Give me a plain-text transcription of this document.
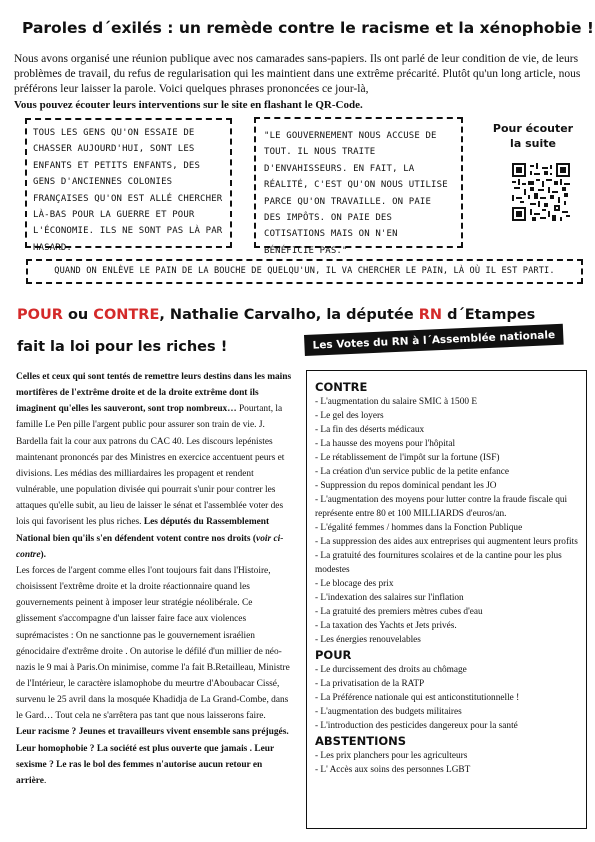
Paroles d´exilés : un remède contre le racisme et la xénophobie !
Nous avons organisé une réunion publique avec nos camarades sans-papiers. Ils ont parlé de leur condition de vie, de leurs problèmes de travail, du refus de regularisation qui les maintient dans une extrême précarité. Plutôt qu'un long article, nous préférons leur laisser la parole. Voici quelques phrases prononcées ce jour-là,
Vous pouvez écouter leurs interventions sur le site en flashant le QR-Code.
TOUS LES GENS QU'ON ESSAIE DE CHASSER AUJOURD'HUI, SONT LES ENFANTS ET PETITS ENFANTS, DES GENS D'ANCIENNES COLONIES FRANÇAISES QU'ON EST ALLÉ CHERCHER LÀ-BAS POUR LA GUERRE ET POUR L'ÉCONOMIE. ILS NE SONT PAS LÀ PAR HASARD.
"LE GOUVERNEMENT NOUS ACCUSE DE TOUT. IL NOUS TRAITE D'ENVAHISSEURS. EN FAIT, LA RÉALITÉ, C'EST QU'ON NOUS UTILISE PARCE QU'ON TRAVAILLE. ON PAIE DES IMPÔTS. ON PAIE DES COTISATIONS MAIS ON N'EN BÉNÉFICIE PAS."
QUAND ON ENLÈVE LE PAIN DE LA BOUCHE DE QUELQU'UN, IL VA CHERCHER LE PAIN, LÀ OÙ IL EST PARTI.
Pour écouter la suite
POUR ou CONTRE, Nathalie Carvalho, la députée RN d´Etampes
fait la loi pour les riches !
Celles et ceux qui sont tentés de remettre leurs destins dans les mains mortifères de l'extrême droite et de la droite extrême dont ils imaginent qu'elles les sauveront, sont trop nombreux… Pourtant, la famille Le Pen pille l'argent public pour assurer son train de vie. J. Bardella fait la cour aux patrons du CAC 40. Les discours lepénistes maintenant prononcés par des Ministres en exercice accentuent peurs et divisions. Les médias des milliardaires les propagent et rendent vulnérable, une population divisée qui pourrait s'unir pour contrer les attaques qu'elle subit, au lieu de laisser le sénat et l'assemblée voter des lois qui favorisent les plus riches. Les députés du Rassemblement National bien qu'ils s'en défendent votent contre nos droits (voir ci-contre).
Les forces de l'argent comme elles l'ont toujours fait dans l'Histoire, choisissent l'extrême droite et la droite réactionnaire quand les gouvernements peinent à imposer leur stratégie néolibérale. Ce glissement s'accompagne d'un laisser faire face aux violences suprémacistes : On ne sanctionne pas le gouvernement israélien génocidaire d'extrême droite . On autorise le défilé d'un millier de néo-nazis le 9 mai à Paris.On minimise, comme l'a fait B.Retailleau, Ministre de l'Intérieur, le caractère islamophobe du meurtre d'Aboubacar Cissé, survenu le 25 avril dans la mosquée Khadidja de La Grand-Combe, dans le Gard… Tout cela ne s'arrêtera pas tant que nous laisserons faire.
Leur racisme ? Jeunes et travailleurs vivent ensemble sans préjugés. Leur homophobie ? La société est plus ouverte que jamais . Leur sexisme ? Le ras le bol des femmes n'autorise aucun retour en arrière.
Les Votes du RN à l´Assemblée nationale
CONTRE

- L'augmentation du salaire SMIC à 1500 E

- Le gel des loyers

- La fin des déserts médicaux

- La hausse des moyens pour l'hôpital

- Le rétablissement de l'impôt sur la fortune (ISF)

- La création d'un service public de la petite enfance

- Suppression du repos dominical pendant les JO

- L'augmentation des moyens pour lutter contre la fraude fiscale qui représente entre 80 et 100 MILLIARDS d'euros/an.

- L'égalité femmes / hommes dans la Fonction Publique

- La suppression des aides aux entreprises qui augmentent leurs profits

- La gratuité des fournitures scolaires et de la cantine pour les plus modestes

- Le blocage des prix

- L'indexation des salaires sur l'inflation

- La gratuité des premiers mètres cubes d'eau

- La taxation des Yachts et Jets privés.

- Les énergies renouvelables

POUR

- Le durcissement des droits au chômage

- La privatisation de la RATP

- La Préférence nationale qui est anticonstitutionnelle !

- L'augmentation des budgets militaires

- L'introduction des pesticides dangereux pour la santé

ABSTENTIONS

- Les prix planchers pour les agriculteurs

- L' Accès aux soins des personnes LGBT
